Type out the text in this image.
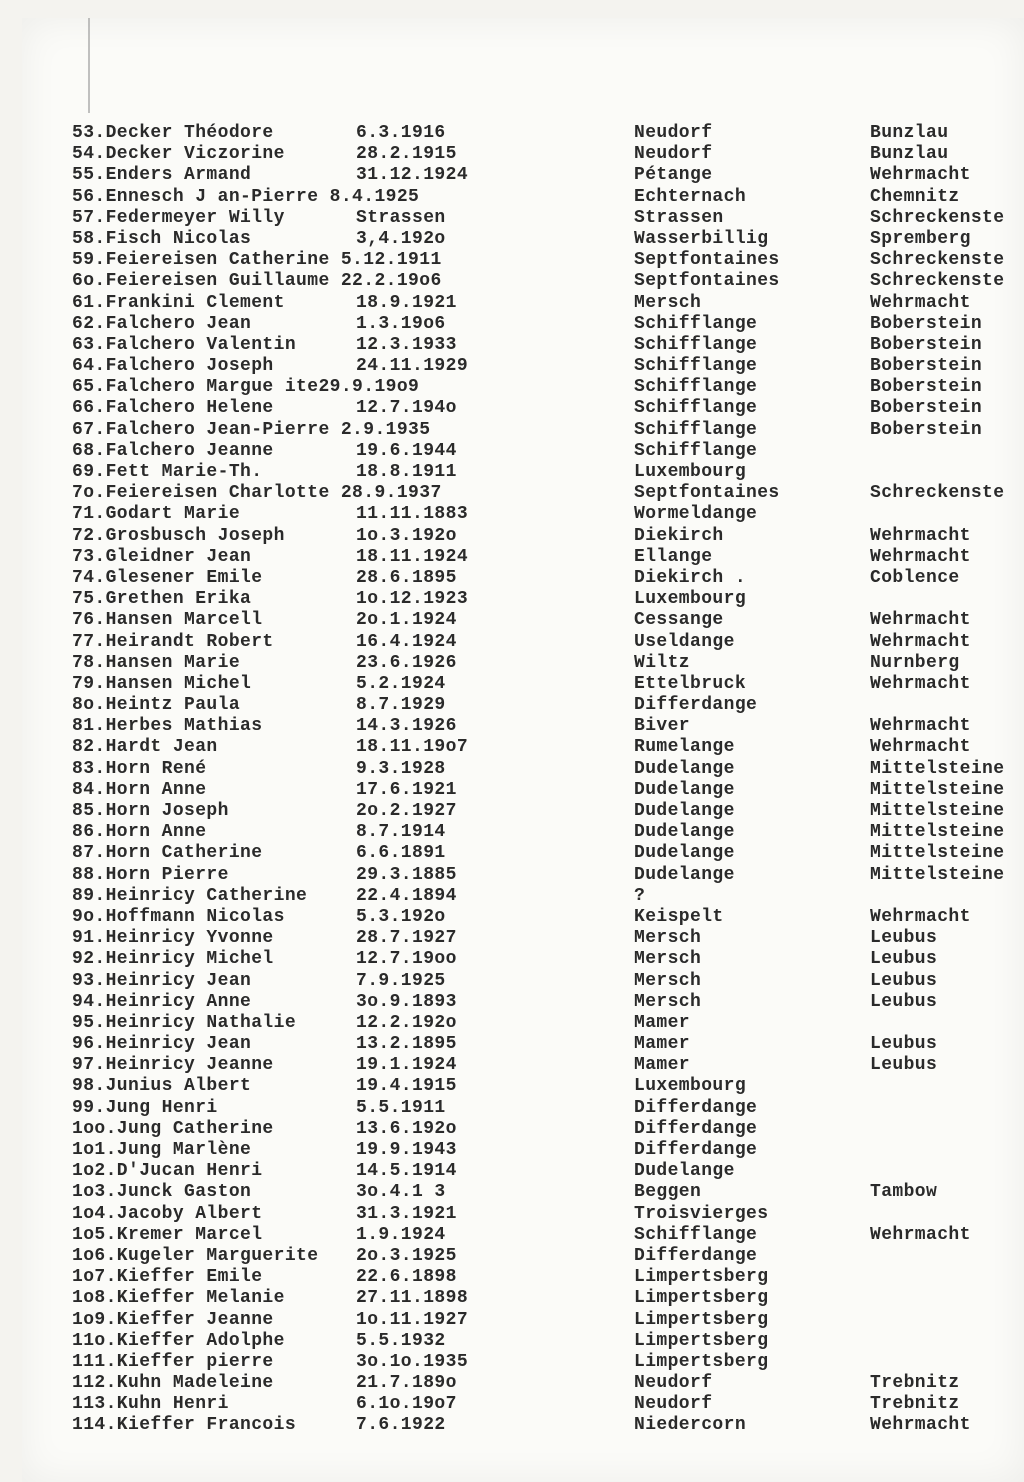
53.Decker Théodore	6.3.1916	Neudorf	Bunzlau
54.Decker Viczorine	28.2.1915	Neudorf	Bunzlau
55.Enders Armand	31.12.1924	Pétange	Wehrmacht
56.Ennesch J an-Pierre 8.4.1925	Echternach	Chemnitz
57.Federmeyer Willy	Strassen	Strassen	Schreckenste
58.Fisch Nicolas	3,4.192o	Wasserbillig	Spremberg
59.Feiereisen Catherine 5.12.1911	Septfontaines	Schreckenste
6o.Feiereisen Guillaume 22.2.19o6	Septfontaines	Schreckenste
61.Frankini Clement	18.9.1921	Mersch	Wehrmacht
62.Falchero Jean	1.3.19o6	Schifflange	Boberstein
63.Falchero Valentin	12.3.1933	Schifflange	Boberstein
64.Falchero Joseph	24.11.1929	Schifflange	Boberstein
65.Falchero Margue ite29.9.19o9	Schifflange	Boberstein
66.Falchero Helene	12.7.194o	Schifflange	Boberstein
67.Falchero Jean-Pierre 2.9.1935	Schifflange	Boberstein
68.Falchero Jeanne	19.6.1944	Schifflange
69.Fett Marie-Th.	18.8.1911	Luxembourg
7o.Feiereisen Charlotte 28.9.1937	Septfontaines	Schreckenste
71.Godart Marie	11.11.1883	Wormeldange
72.Grosbusch Joseph	1o.3.192o	Diekirch	Wehrmacht
73.Gleidner Jean	18.11.1924	Ellange	Wehrmacht
74.Glesener Emile	28.6.1895	Diekirch .	Coblence
75.Grethen Erika	1o.12.1923	Luxembourg
76.Hansen Marcell	2o.1.1924	Cessange	Wehrmacht
77.Heirandt Robert	16.4.1924	Useldange	Wehrmacht
78.Hansen Marie	23.6.1926	Wiltz	Nurnberg
79.Hansen Michel	5.2.1924	Ettelbruck	Wehrmacht
8o.Heintz Paula	8.7.1929	Differdange
81.Herbes Mathias	14.3.1926	Biver	Wehrmacht
82.Hardt Jean	18.11.19o7	Rumelange	Wehrmacht
83.Horn René	9.3.1928	Dudelange	Mittelsteine
84.Horn Anne	17.6.1921	Dudelange	Mittelsteine
85.Horn Joseph	2o.2.1927	Dudelange	Mittelsteine
86.Horn Anne	8.7.1914	Dudelange	Mittelsteine
87.Horn Catherine	6.6.1891	Dudelange	Mittelsteine
88.Horn Pierre	29.3.1885	Dudelange	Mittelsteine
89.Heinricy Catherine	22.4.1894	?
9o.Hoffmann Nicolas	5.3.192o	Keispelt	Wehrmacht
91.Heinricy Yvonne	28.7.1927	Mersch	Leubus
92.Heinricy Michel	12.7.19oo	Mersch	Leubus
93.Heinricy Jean	7.9.1925	Mersch	Leubus
94.Heinricy Anne	3o.9.1893	Mersch	Leubus
95.Heinricy Nathalie	12.2.192o	Mamer
96.Heinricy Jean	13.2.1895	Mamer	Leubus
97.Heinricy Jeanne	19.1.1924	Mamer	Leubus
98.Junius Albert	19.4.1915	Luxembourg
99.Jung Henri	5.5.1911	Differdange
1oo.Jung Catherine	13.6.192o	Differdange
1o1.Jung Marlène	19.9.1943	Differdange
1o2.D'Jucan Henri	14.5.1914	Dudelange
1o3.Junck Gaston	3o.4.1 3	Beggen	Tambow
1o4.Jacoby Albert	31.3.1921	Troisvierges
1o5.Kremer Marcel	1.9.1924	Schifflange	Wehrmacht
1o6.Kugeler Marguerite 2o.3.1925	Differdange
1o7.Kieffer Emile	22.6.1898	Limpertsberg
1o8.Kieffer Melanie	27.11.1898	Limpertsberg
1o9.Kieffer Jeanne	1o.11.1927	Limpertsberg
11o.Kieffer Adolphe	5.5.1932	Limpertsberg
111.Kieffer pierre	3o.1o.1935	Limpertsberg
112.Kuhn Madeleine	21.7.189o	Neudorf	Trebnitz
113.Kuhn Henri	6.1o.19o7	Neudorf	Trebnitz
114.Kieffer Francois	7.6.1922	Niedercorn	Wehrmacht
